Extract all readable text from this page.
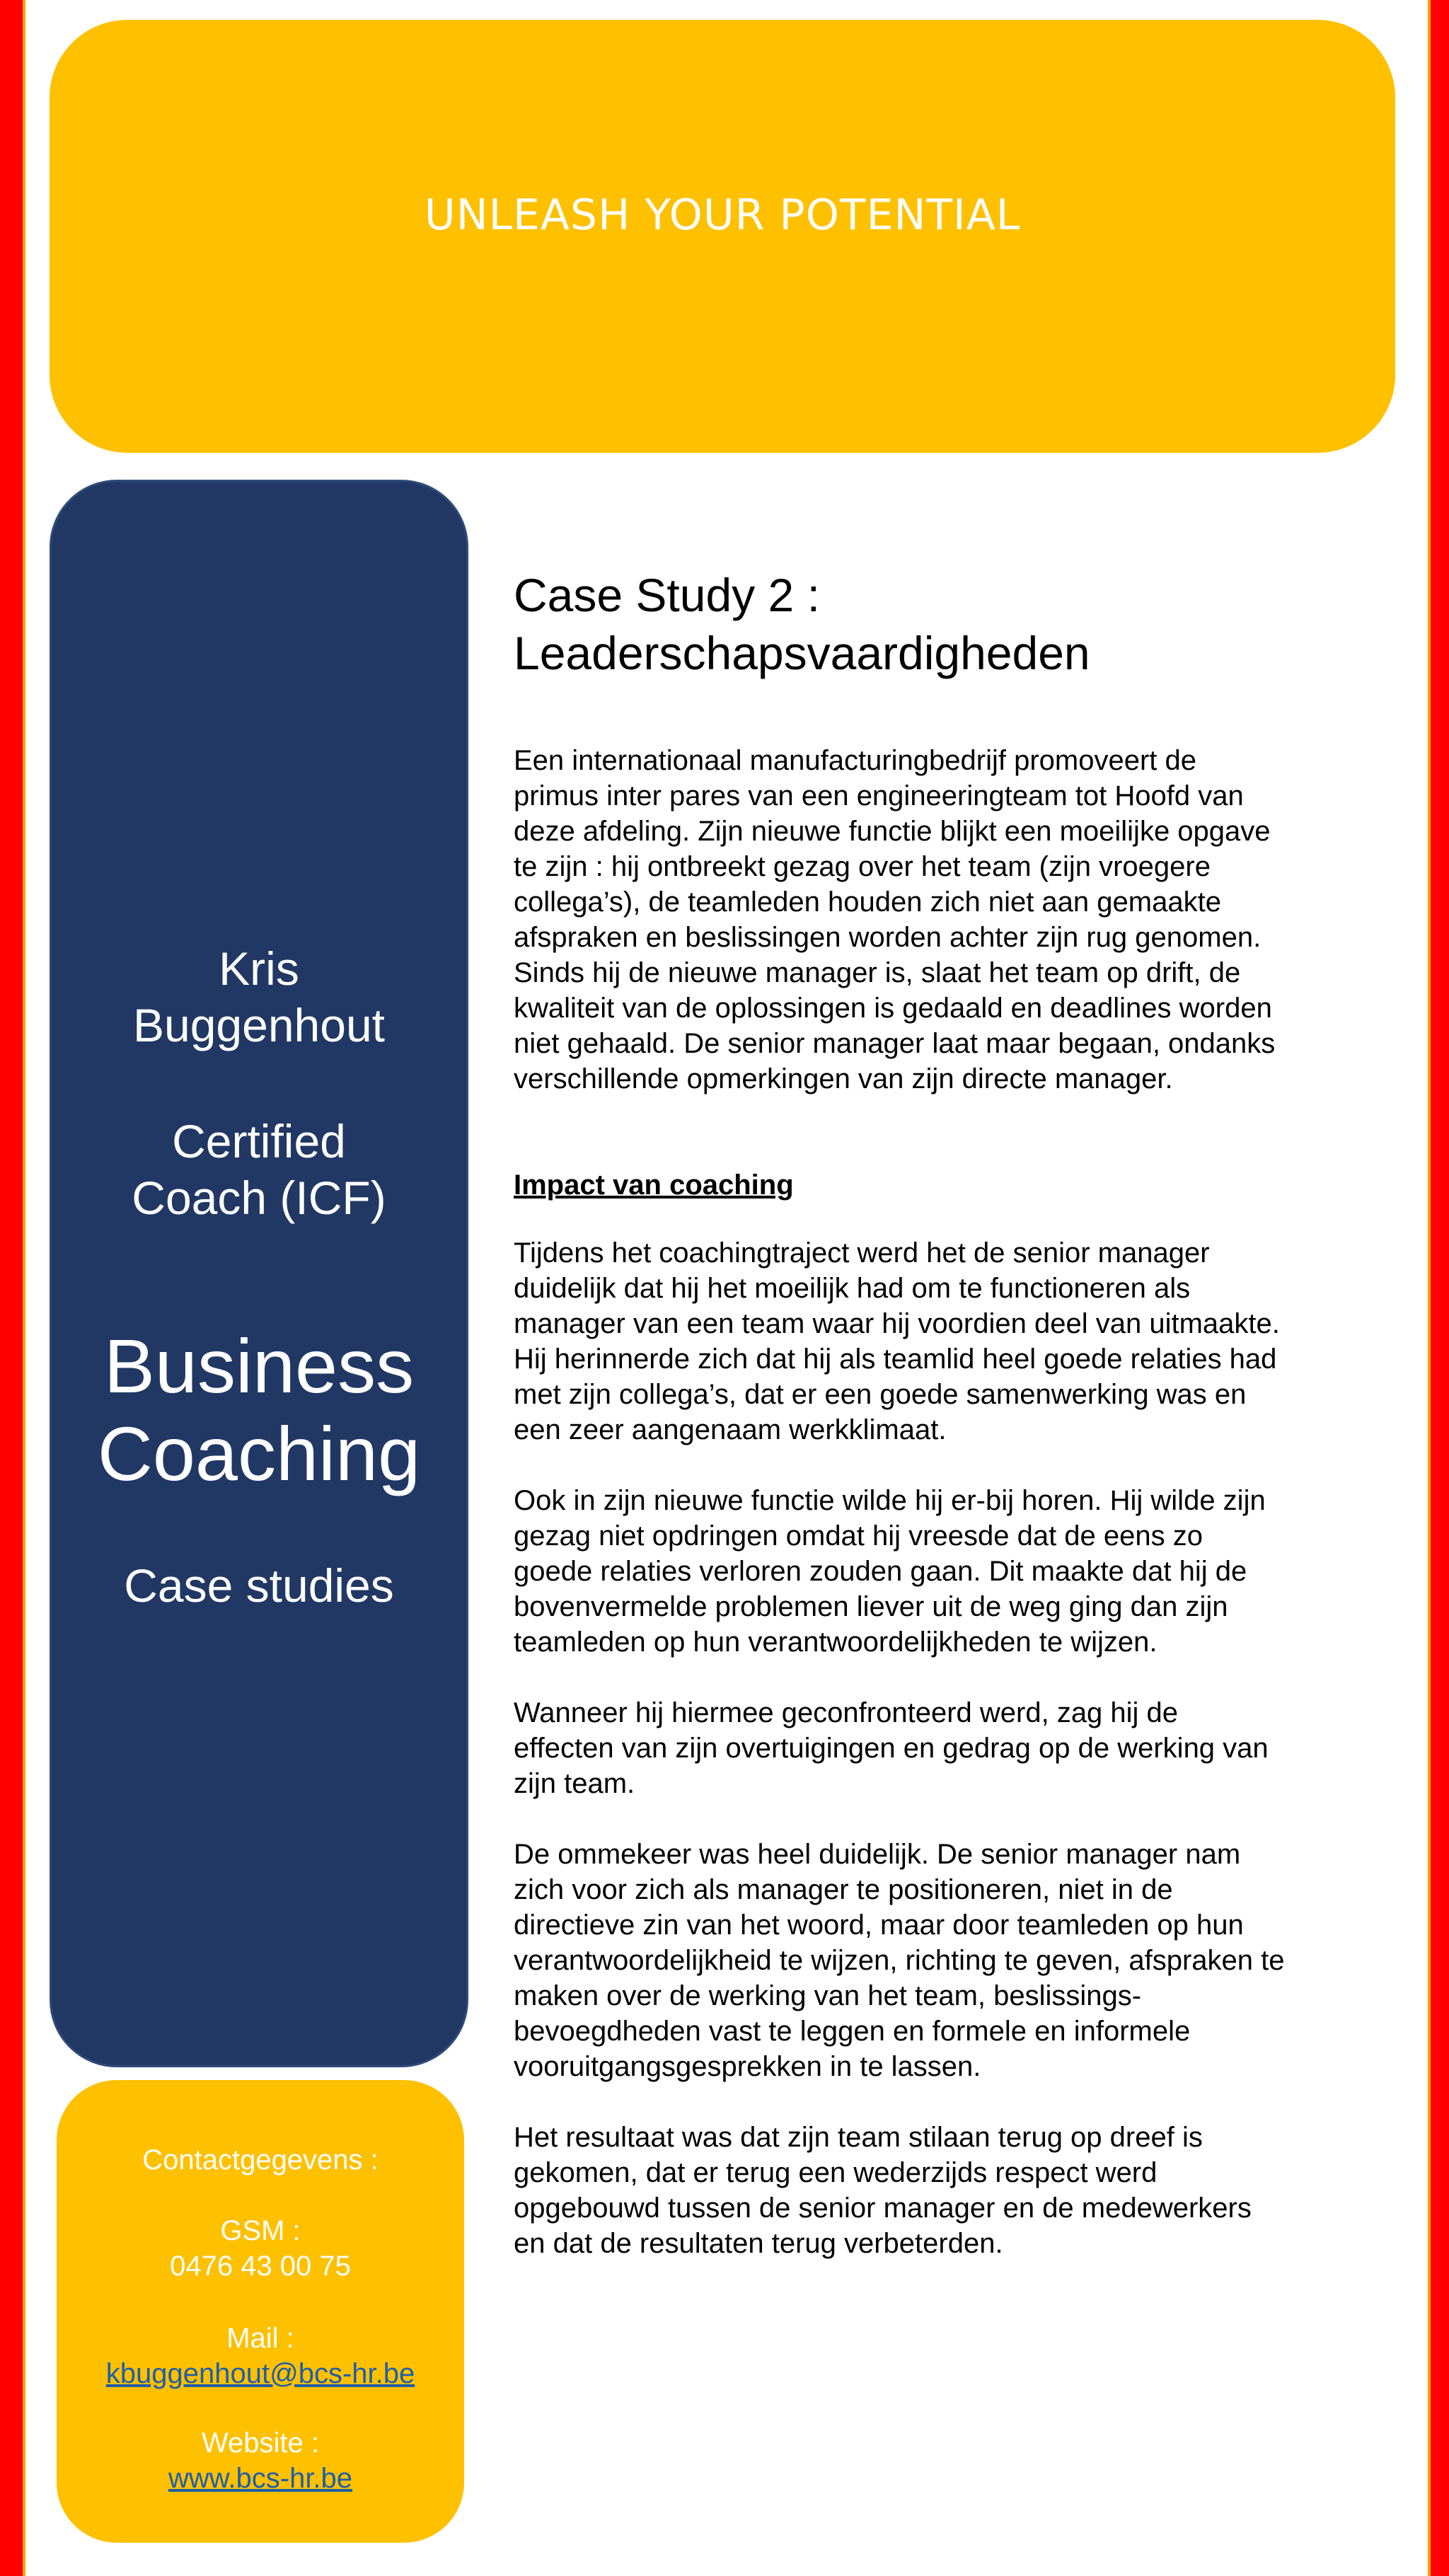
UNLEASH YOUR POTENTIAL
Kris
Buggenhout
Certified
Coach (ICF)
Business
Coaching
Case studies
Contactgegevens :
GSM :
0476 43 00 75
Mail :
kbuggenhout@bcs-hr.be
Website :
www.bcs-hr.be
Case Study 2 :
Leaderschapsvaardigheden
Een internationaal manufacturingbedrijf promoveert de
primus inter pares van een engineeringteam tot Hoofd van
deze afdeling. Zijn nieuwe functie blijkt een moeilijke opgave
te zijn : hij ontbreekt gezag over het team (zijn vroegere
collega’s), de teamleden houden zich niet aan gemaakte
afspraken en beslissingen worden achter zijn rug genomen.
Sinds hij de nieuwe manager is, slaat het team op drift, de
kwaliteit van de oplossingen is gedaald en deadlines worden
niet gehaald. De senior manager laat maar begaan, ondanks
verschillende opmerkingen van zijn directe manager.
Impact van coaching
Tijdens het coachingtraject werd het de senior manager
duidelijk dat hij het moeilijk had om te functioneren als
manager van een team waar hij voordien deel van uitmaakte.
Hij herinnerde zich dat hij als teamlid heel goede relaties had
met zijn collega’s, dat er een goede samenwerking was en
een zeer aangenaam werkklimaat.
Ook in zijn nieuwe functie wilde hij er-bij horen. Hij wilde zijn
gezag niet opdringen omdat hij vreesde dat de eens zo
goede relaties verloren zouden gaan. Dit maakte dat hij de
bovenvermelde problemen liever uit de weg ging dan zijn
teamleden op hun verantwoordelijkheden te wijzen.
Wanneer hij hiermee geconfronteerd werd, zag hij de
effecten van zijn overtuigingen en gedrag op de werking van
zijn team.
De ommekeer was heel duidelijk. De senior manager nam
zich voor zich als manager te positioneren, niet in de
directieve zin van het woord, maar door teamleden op hun
verantwoordelijkheid te wijzen, richting te geven, afspraken te
maken over de werking van het team, beslissings-
bevoegdheden vast te leggen en formele en informele
vooruitgangsgesprekken in te lassen.
Het resultaat was dat zijn team stilaan terug op dreef is
gekomen, dat er terug een wederzijds respect werd
opgebouwd tussen de senior manager en de medewerkers
en dat de resultaten terug verbeterden.
